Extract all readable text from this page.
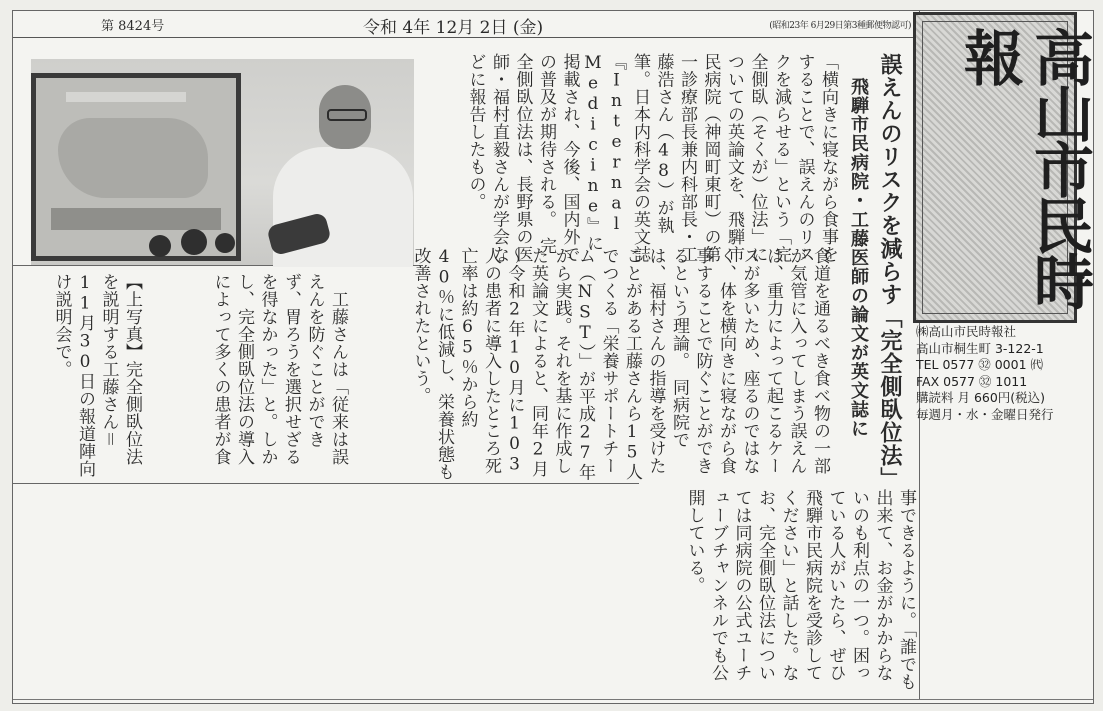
第 8424号	令和 4年 12月 2日 (金)	(昭和23年 6月29日第3種郵便物認可)
誤えんのリスクを減らす「完全側臥位法」
飛騨市民病院・工藤医師の論文が英文誌に
「横向きに寝ながら食事をすることで、誤えんのリスクを減らせる」という「完全側臥（そくが）位法」についての英論文を、飛騨市民病院（神岡町東町）の第一診療部長兼内科部長・工藤浩さん（48）が執筆。日本内科学会の英文誌『Internal Medicine』に掲載され、今後、国内外での普及が期待される。　完全側臥位法は、長野県の医師・福村直毅さんが学会などに報告したもの。
食道を通るべき食べ物の一部が気管に入ってしまう誤えんは、重力によって起こるケースが多いため、座るのではなく、体を横向きに寝ながら食事することで防ぐことができるという理論。　同病院では、福村さんの指導を受けたことがある工藤さんら15人でつくる「栄養サポートチーム（NST）」が平成27年から実践。それを基に作成した英論文によると、同年2月～令和2年10月に103人の患者に導入したところ死亡率は約65％から約40％に低減し、栄養状態も改善されたという。
　工藤さんは「従来は誤えんを防ぐことができず、胃ろうを選択せざるを得なかった」と。しかし、完全側臥位法の導入によって多くの患者が食
【上写真】完全側臥位法を説明する工藤さん＝11月30日の報道陣向け説明会で。
事できるように。「誰でも出来て、お金がかからないのも利点の一つ。困っている人がいたら、ぜひ飛騨市民病院を受診してください」と話した。なお、完全側臥位法については同病院の公式ユーチューブチャンネルでも公開している。
高山市民時報
㈱高山市民時報社
高山市桐生町 3-122-1
TEL 0577 ㉜ 0001 ㈹
FAX 0577 ㉜ 1011
購読料 月 660円(税込)
毎週月・水・金曜日発行
